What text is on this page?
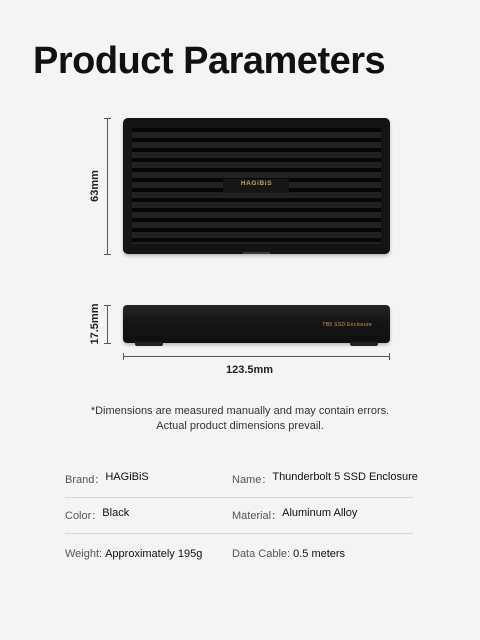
Product Parameters
63mm	HAGiBiS
17.5mm	TB5 SSD Enclosure
123.5mm
*Dimensions are measured manually and may contain errors.
Actual product dimensions prevail.
Brand： HAGiBiS	Name： Thunderbolt 5 SSD Enclosure
Color： Black	Material： Aluminum Alloy
Weight: Approximately 195g	Data Cable: 0.5 meters
